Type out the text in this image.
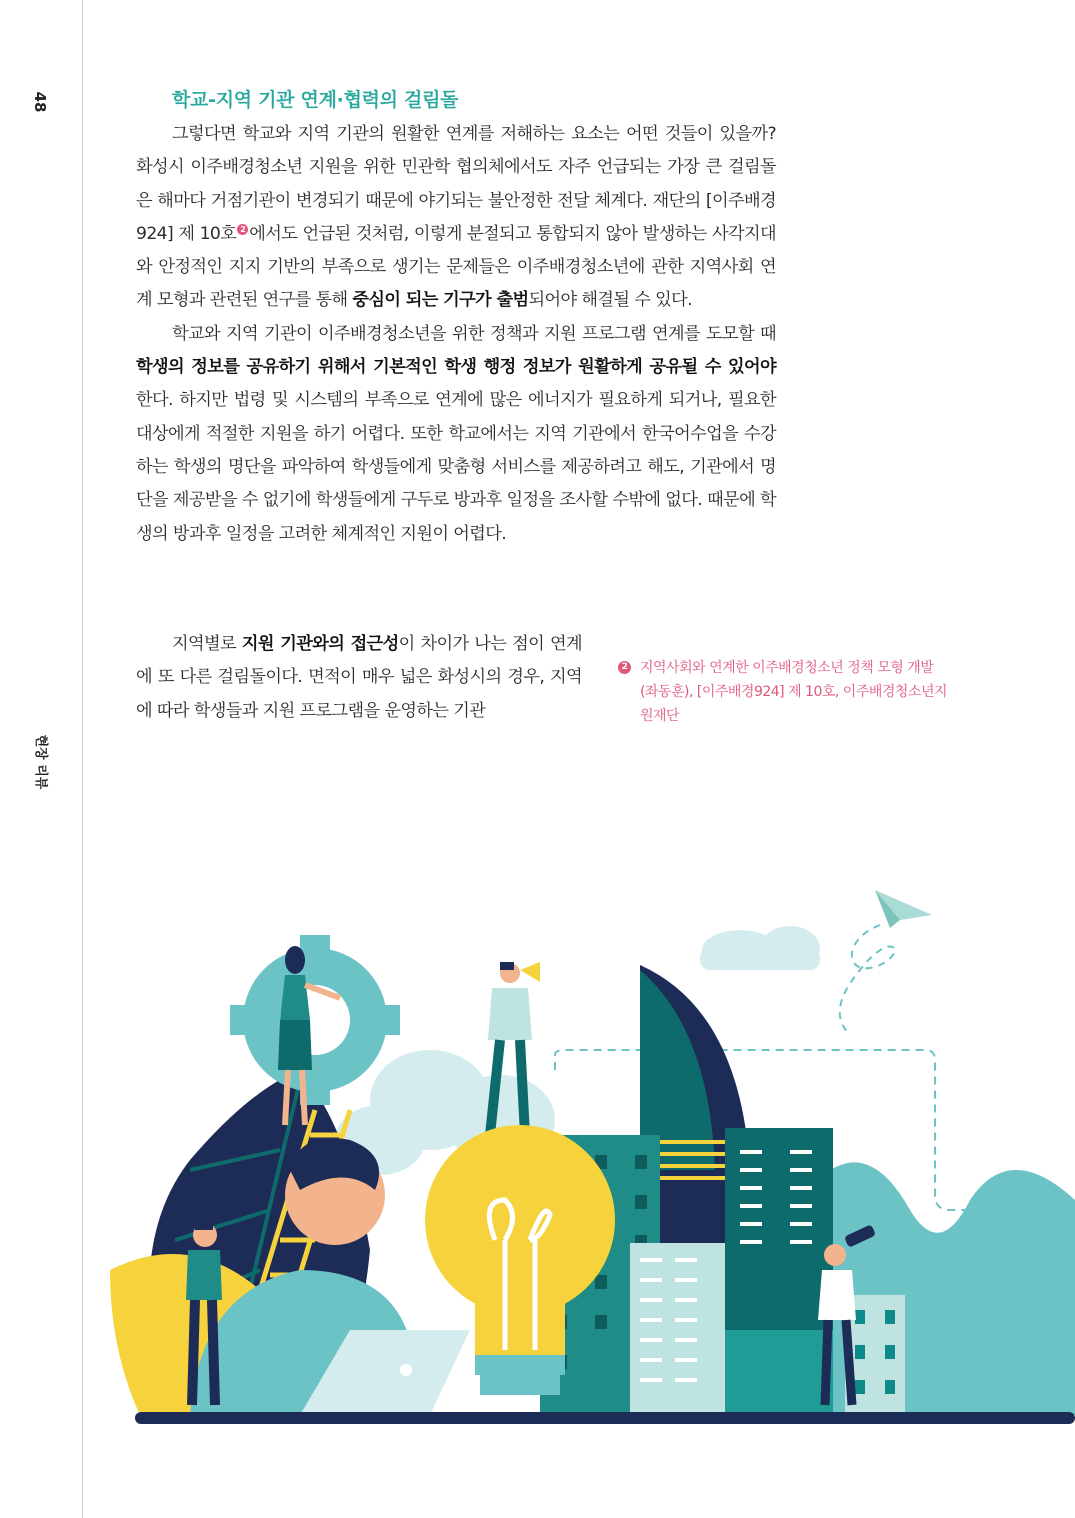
48
현장 리뷰
학교-지역 기관 연계·협력의 걸림돌

그렇다면 학교와 지역 기관의 원활한 연계를 저해하는 요소는 어떤 것들이 있을까? 화성시 이주배경청소년 지원을 위한 민관학 협의체에서도 자주 언급되는 가장 큰 걸림돌은 해마다 거점기관이 변경되기 때문에 야기되는 불안정한 전달 체계다. 재단의 [이주배경924] 제 10호 2 에서도 언급된 것처럼, 이렇게 분절되고 통합되지 않아 발생하는 사각지대와 안정적인 지지 기반의 부족으로 생기는 문제들은 이주배경청소년에 관한 지역사회 연계 모형과 관련된 연구를 통해 중심이 되는 기구가 출범되어야 해결될 수 있다.

학교와 지역 기관이 이주배경청소년을 위한 정책과 지원 프로그램 연계를 도모할 때 학생의 정보를 공유하기 위해서 기본적인 학생 행정 정보가 원활하게 공유될 수 있어야 한다. 하지만 법령 및 시스템의 부족으로 연계에 많은 에너지가 필요하게 되거나, 필요한 대상에게 적절한 지원을 하기 어렵다. 또한 학교에서는 지역 기관에서 한국어수업을 수강하는 학생의 명단을 파악하여 학생들에게 맞춤형 서비스를 제공하려고 해도, 기관에서 명단을 제공받을 수 없기에 학생들에게 구두로 방과후 일정을 조사할 수밖에 없다. 때문에 학생의 방과후 일정을 고려한 체계적인 지원이 어렵다.

지역별로 지원 기관와의 접근성이 차이가 나는 점이 연계에 또 다른 걸림돌이다. 면적이 매우 넓은 화성시의 경우, 지역에 따라 학생들과 지원 프로그램을 운영하는 기관

2 지역사회와 연계한 이주배경청소년 정책 모형 개발(좌동훈), [이주배경924] 제 10호, 이주배경청소년지원재단
